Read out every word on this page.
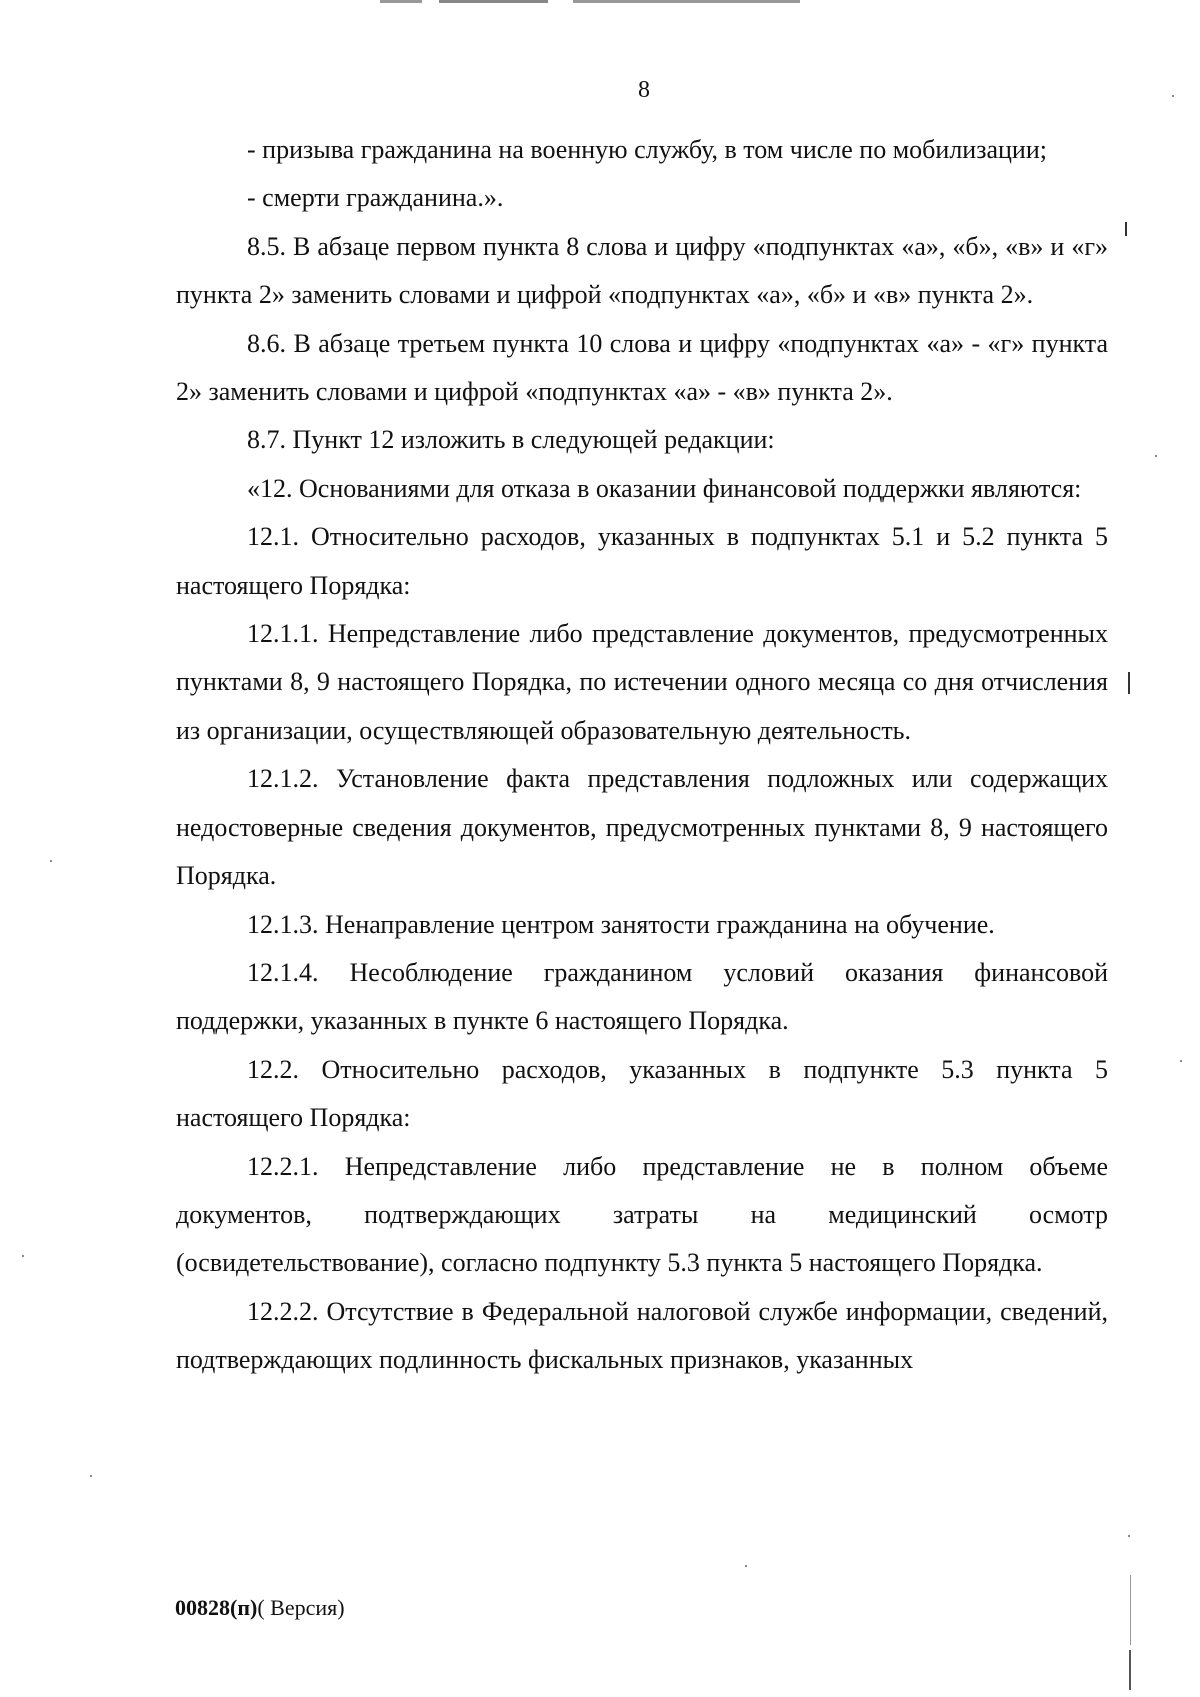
8

- призыва гражданина на военную службу, в том числе по мобилизации;

- смерти гражданина.».

8.5. В абзаце первом пункта 8 слова и цифру «подпунктах «а», «б», «в» и «г» пункта 2» заменить словами и цифрой «подпунктах «а», «б» и «в» пункта 2».

8.6. В абзаце третьем пункта 10 слова и цифру «подпунктах «а» - «г» пункта 2» заменить словами и цифрой «подпунктах «а» - «в» пункта 2».

8.7. Пункт 12 изложить в следующей редакции:

«12. Основаниями для отказа в оказании финансовой поддержки являются:

12.1. Относительно расходов, указанных в подпунктах 5.1 и 5.2 пункта 5 настоящего Порядка:

12.1.1. Непредставление либо представление документов, предусмотренных пунктами 8, 9 настоящего Порядка, по истечении одного месяца со дня отчисления из организации, осуществляющей образовательную деятельность.

12.1.2. Установление факта представления подложных или содержащих недостоверные сведения документов, предусмотренных пунктами 8, 9 настоящего Порядка.

12.1.3. Ненаправление центром занятости гражданина на обучение.

12.1.4. Несоблюдение гражданином условий оказания финансовой поддержки, указанных в пункте 6 настоящего Порядка.

12.2. Относительно расходов, указанных в подпункте 5.3 пункта 5 настоящего Порядка:

12.2.1. Непредставление либо представление не в полном объеме документов, подтверждающих затраты на медицинский осмотр (освидетельствование), согласно подпункту 5.3 пункта 5 настоящего Порядка.

12.2.2. Отсутствие в Федеральной налоговой службе информации, сведений, подтверждающих подлинность фискальных признаков, указанных

00828(п)( Версия)
